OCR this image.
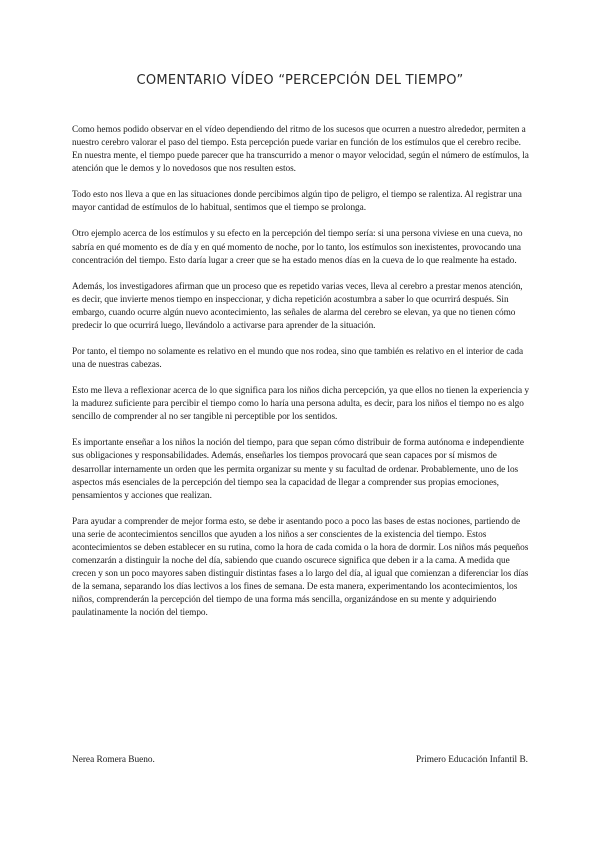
COMENTARIO VÍDEO “PERCEPCIÓN DEL TIEMPO”

Como hemos podido observar en el vídeo dependiendo del ritmo de los sucesos que ocurren a nuestro alrededor, permiten a nuestro cerebro valorar el paso del tiempo. Esta percepción puede variar en función de los estímulos que el cerebro recibe. En nuestra mente, el tiempo puede parecer que ha transcurrido a menor o mayor velocidad, según el número de estímulos, la atención que le demos y lo novedosos que nos resulten estos.

Todo esto nos lleva a que en las situaciones donde percibimos algún tipo de peligro, el tiempo se ralentiza. Al registrar una mayor cantidad de estímulos de lo habitual, sentimos que el tiempo se prolonga.

Otro ejemplo acerca de los estímulos y su efecto en la percepción del tiempo sería: si una persona viviese en una cueva, no sabría en qué momento es de día y en qué momento de noche, por lo tanto, los estímulos son inexistentes, provocando una concentración del tiempo. Esto daría lugar a creer que se ha estado menos días en la cueva de lo que realmente ha estado.

Además, los investigadores afirman que un proceso que es repetido varias veces, lleva al cerebro a prestar menos atención, es decir, que invierte menos tiempo en inspeccionar, y dicha repetición acostumbra a saber lo que ocurrirá después. Sin embargo, cuando ocurre algún nuevo acontecimiento, las señales de alarma del cerebro se elevan, ya que no tienen cómo predecir lo que ocurrirá luego, llevándolo a activarse para aprender de la situación.

Por tanto, el tiempo no solamente es relativo en el mundo que nos rodea, sino que también es relativo en el interior de cada una de nuestras cabezas.

Esto me lleva a reflexionar acerca de lo que significa para los niños dicha percepción, ya que ellos no tienen la experiencia y la madurez suficiente para percibir el tiempo como lo haría una persona adulta, es decir, para los niños el tiempo no es algo sencillo de comprender al no ser tangible ni perceptible por los sentidos.

Es importante enseñar a los niños la noción del tiempo, para que sepan cómo distribuir de forma autónoma e independiente sus obligaciones y responsabilidades. Además, enseñarles los tiempos provocará que sean capaces por sí mismos de desarrollar internamente un orden que les permita organizar su mente y su facultad de ordenar. Probablemente, uno de los aspectos más esenciales de la percepción del tiempo sea la capacidad de llegar a comprender sus propias emociones, pensamientos y acciones que realizan.

Para ayudar a comprender de mejor forma esto, se debe ir asentando poco a poco las bases de estas nociones, partiendo de una serie de acontecimientos sencillos que ayuden a los niños a ser conscientes de la existencia del tiempo. Estos acontecimientos se deben establecer en su rutina, como la hora de cada comida o la hora de dormir. Los niños más pequeños comenzarán a distinguir la noche del día, sabiendo que cuando oscurece significa que deben ir a la cama. A medida que crecen y son un poco mayores saben distinguir distintas fases a lo largo del día, al igual que comienzan a diferenciar los días de la semana, separando los días lectivos a los fines de semana. De esta manera, experimentando los acontecimientos, los niños, comprenderán la percepción del tiempo de una forma más sencilla, organizándose en su mente y adquiriendo paulatinamente la noción del tiempo.

Nerea Romera Bueno.	Primero Educación Infantil B.
